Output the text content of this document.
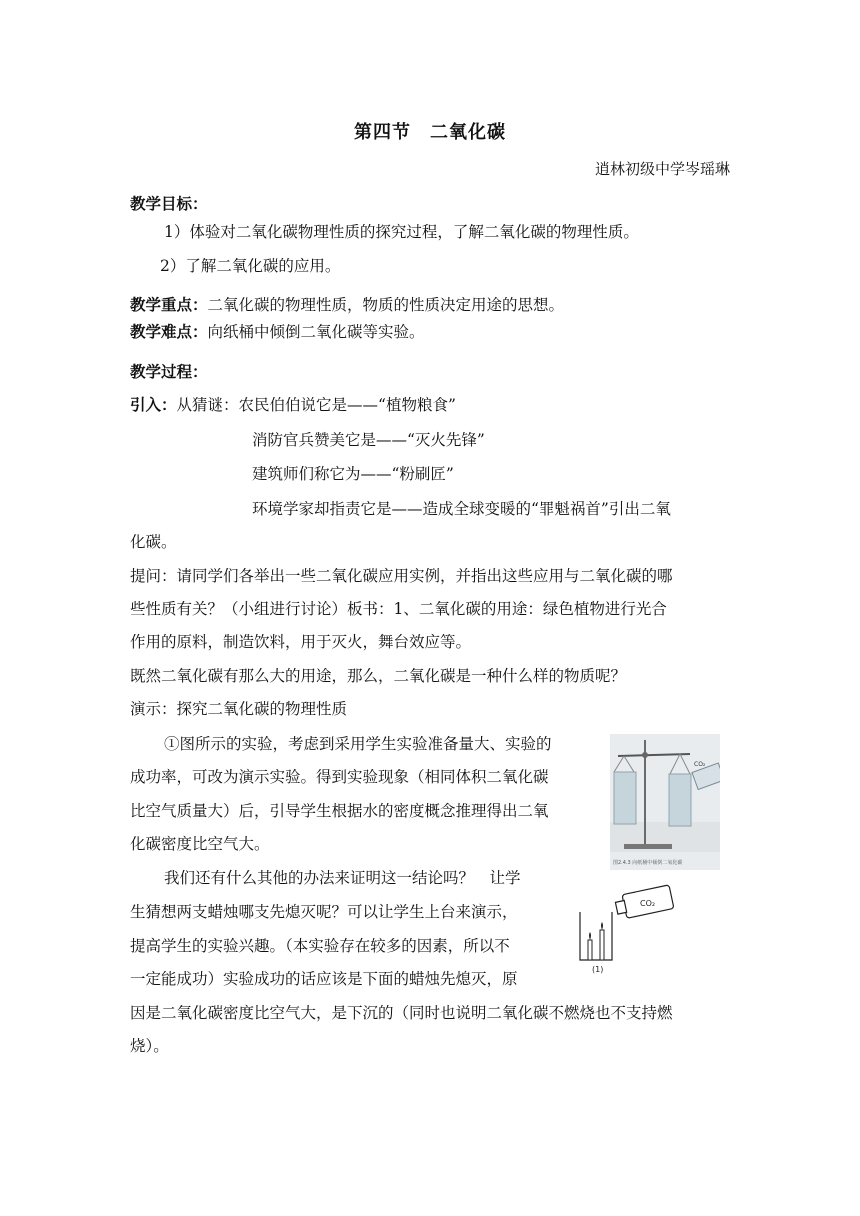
第四节　二氧化碳
逍林初级中学岑瑶琳
教学目标：
1）体验对二氧化碳物理性质的探究过程，了解二氧化碳的物理性质。
2）了解二氧化碳的应用。
教学重点：二氧化碳的物理性质，物质的性质决定用途的思想。
教学难点：向纸桶中倾倒二氧化碳等实验。
教学过程：
引入：从猜谜：农民伯伯说它是——“植物粮食”
消防官兵赞美它是——“灭火先锋”
建筑师们称它为——“粉刷匠”
环境学家却指责它是——造成全球变暖的“罪魁祸首”引出二氧
化碳。
提问：请同学们各举出一些二氧化碳应用实例，并指出这些应用与二氧化碳的哪
些性质有关？（小组进行讨论）板书：1、二氧化碳的用途：绿色植物进行光合
作用的原料，制造饮料，用于灭火，舞台效应等。
既然二氧化碳有那么大的用途，那么，二氧化碳是一种什么样的物质呢？
演示：探究二氧化碳的物理性质
①图所示的实验，考虑到采用学生实验准备量大、实验的
成功率，可改为演示实验。得到实验现象（相同体积二氧化碳
比空气质量大）后，引导学生根据水的密度概念推理得出二氧
化碳密度比空气大。
我们还有什么其他的办法来证明这一结论吗？　让学
生猜想两支蜡烛哪支先熄灭呢？可以让学生上台来演示，
提高学生的实验兴趣。（本实验存在较多的因素，所以不
一定能成功）实验成功的话应该是下面的蜡烛先熄灭，原
因是二氧化碳密度比空气大，是下沉的（同时也说明二氧化碳不燃烧也不支持燃
烧）。
CO₂
图2.4.3 向纸桶中倾倒二氧化碳
CO₂
(1)
